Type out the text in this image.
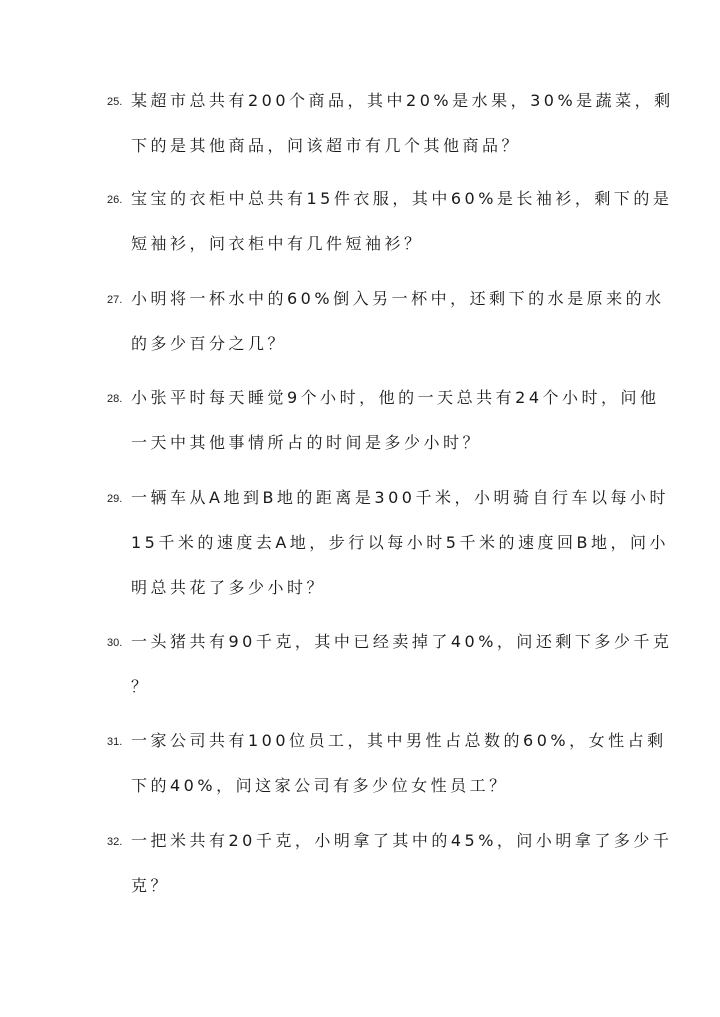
25. 某超市总共有200个商品，其中20%是水果，30%是蔬菜，剩
下的是其他商品，问该超市有几个其他商品？
26. 宝宝的衣柜中总共有15件衣服，其中60%是长袖衫，剩下的是
短袖衫，问衣柜中有几件短袖衫？
27. 小明将一杯水中的60%倒入另一杯中，还剩下的水是原来的水
的多少百分之几？
28. 小张平时每天睡觉9个小时，他的一天总共有24个小时，问他
一天中其他事情所占的时间是多少小时？
29. 一辆车从A地到B地的距离是300千米，小明骑自行车以每小时
15千米的速度去A地，步行以每小时5千米的速度回B地，问小
明总共花了多少小时？
30. 一头猪共有90千克，其中已经卖掉了40%，问还剩下多少千克
？
31. 一家公司共有100位员工，其中男性占总数的60%，女性占剩
下的40%，问这家公司有多少位女性员工？
32. 一把米共有20千克，小明拿了其中的45%，问小明拿了多少千
克？
